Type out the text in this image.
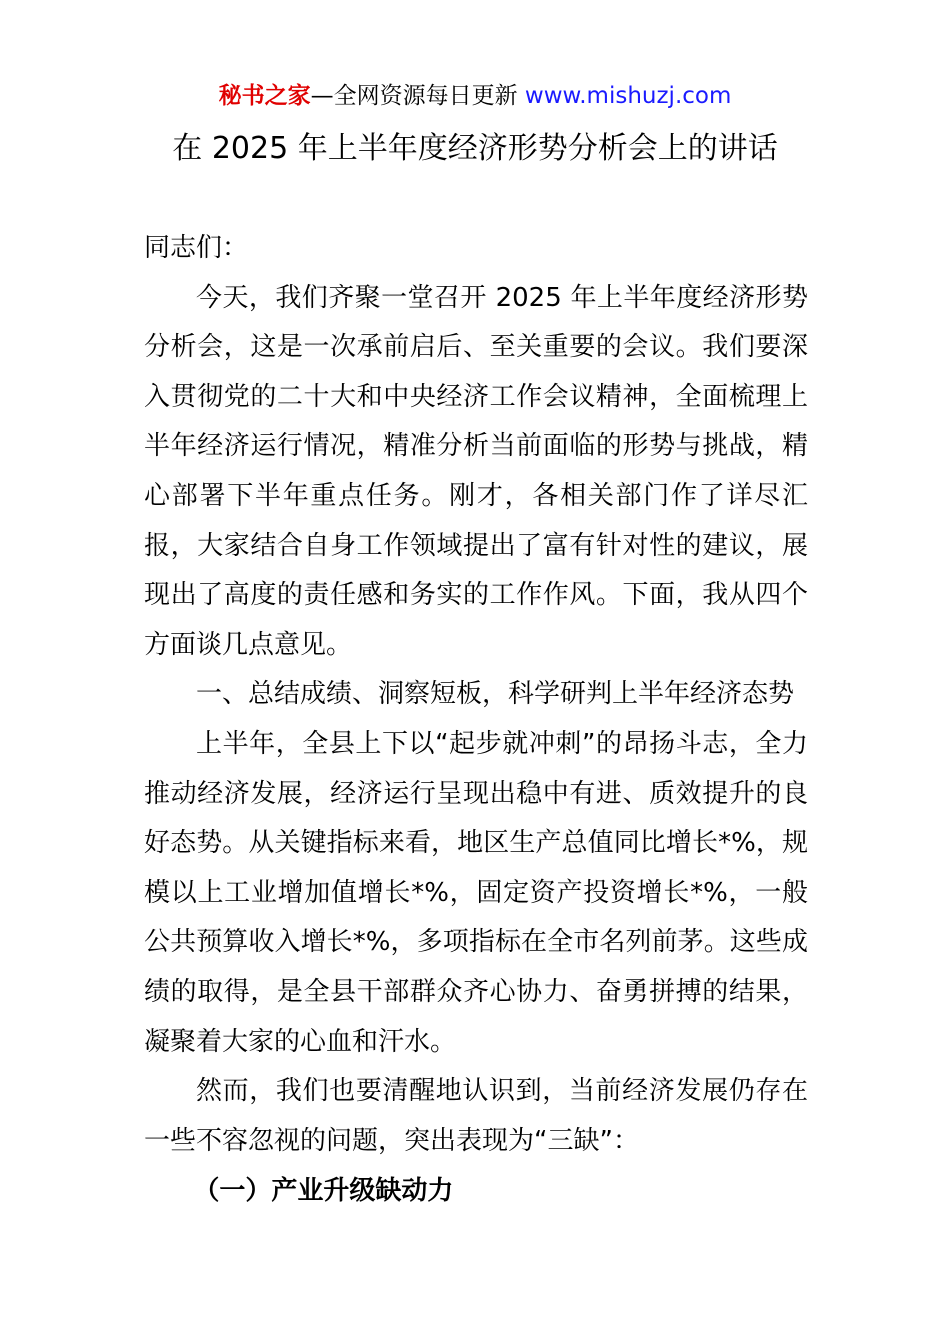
秘书之家—全网资源每日更新 www.mishuzj.com
在 2025 年上半年度经济形势分析会上的讲话

同志们：

今天，我们齐聚一堂召开 2025 年上半年度经济形势分析会，这是一次承前启后、至关重要的会议。我们要深入贯彻党的二十大和中央经济工作会议精神，全面梳理上半年经济运行情况，精准分析当前面临的形势与挑战，精心部署下半年重点任务。刚才，各相关部门作了详尽汇报，大家结合自身工作领域提出了富有针对性的建议，展现出了高度的责任感和务实的工作作风。下面，我从四个方面谈几点意见。

一、总结成绩、洞察短板，科学研判上半年经济态势

上半年，全县上下以“起步就冲刺”的昂扬斗志，全力推动经济发展，经济运行呈现出稳中有进、质效提升的良好态势。从关键指标来看，地区生产总值同比增长*%，规模以上工业增加值增长*%，固定资产投资增长*%，一般公共预算收入增长*%，多项指标在全市名列前茅。这些成绩的取得，是全县干部群众齐心协力、奋勇拼搏的结果，凝聚着大家的心血和汗水。

然而，我们也要清醒地认识到，当前经济发展仍存在一些不容忽视的问题，突出表现为“三缺”：

（一）产业升级缺动力
